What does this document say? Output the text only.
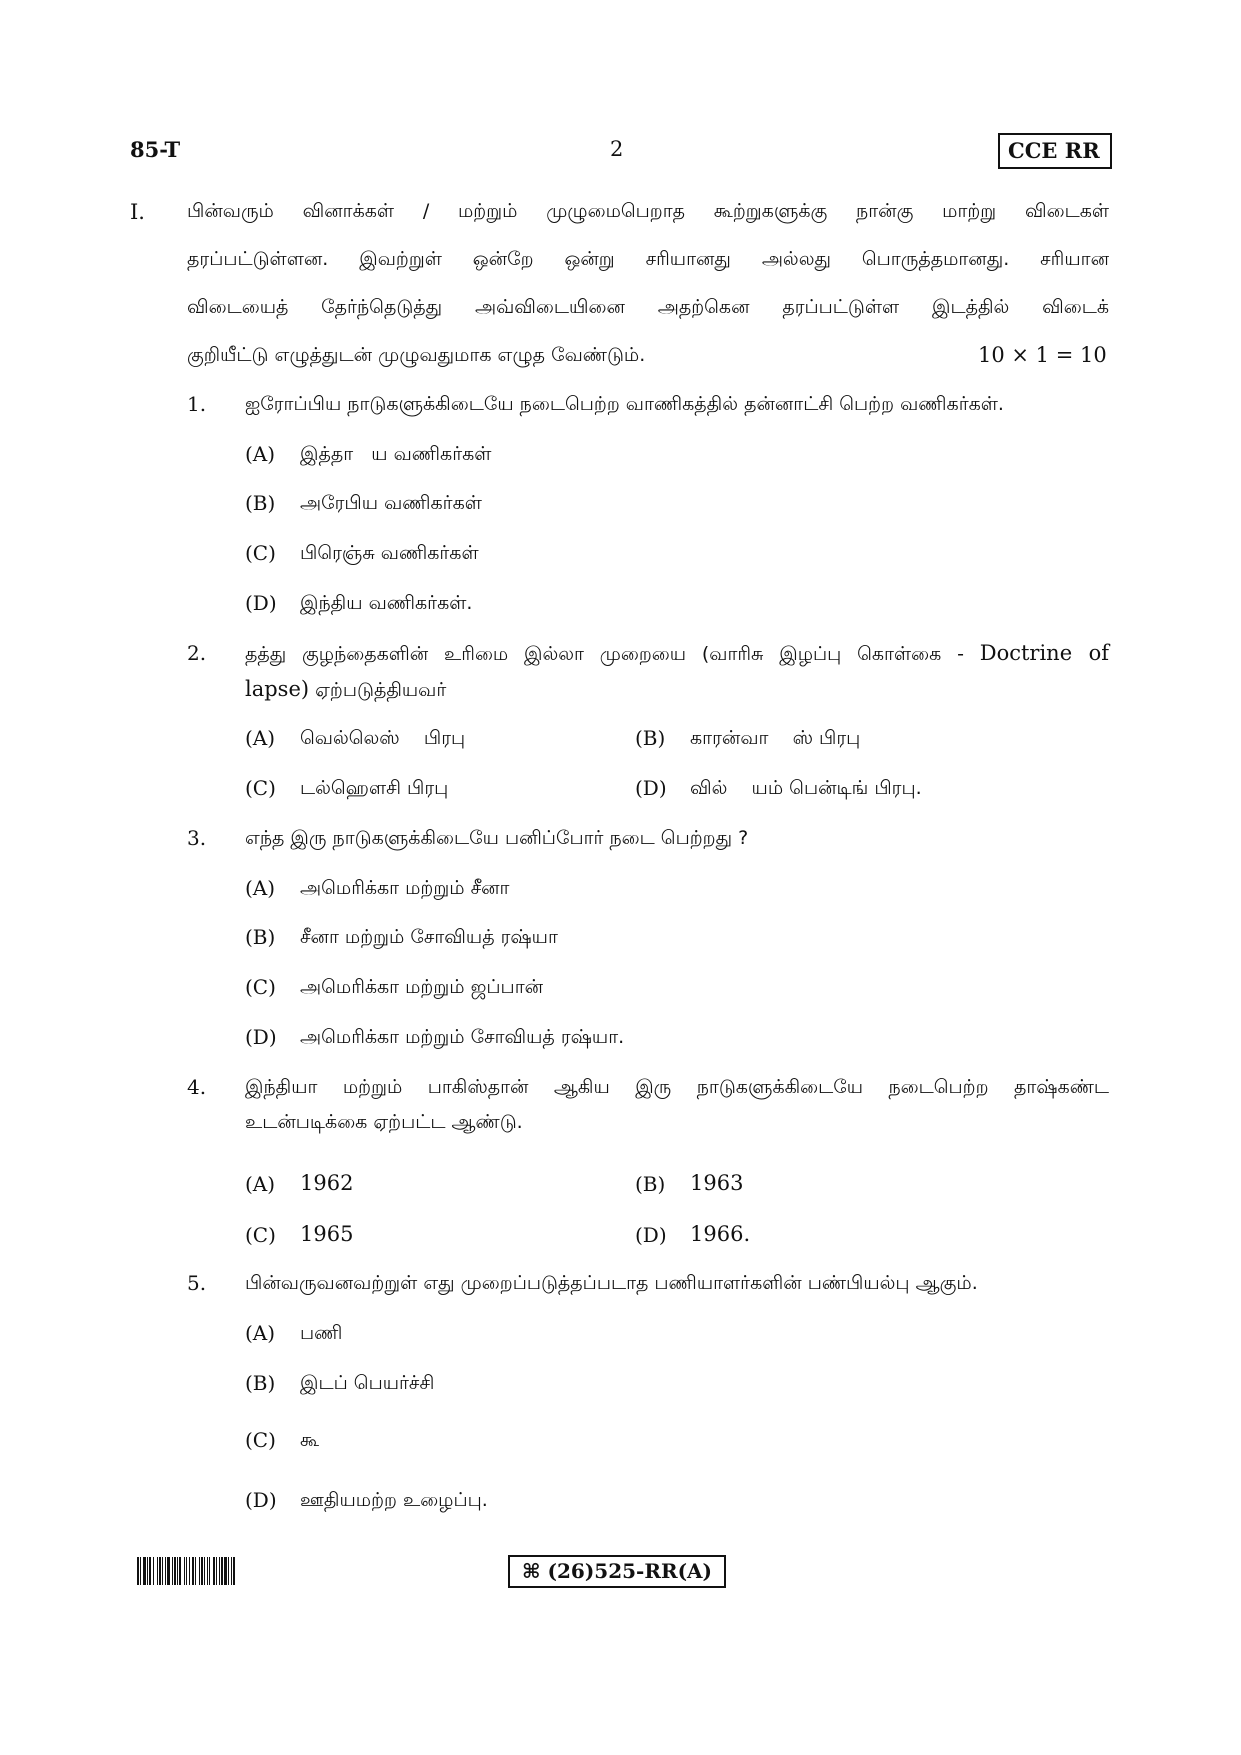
85-T	2	CCE RR
I. பின்வரும் வினாக்கள் / மற்றும் முழுமைபெறாத கூற்றுகளுக்கு நான்கு மாற்று விடைகள்
தரப்பட்டுள்ளன. இவற்றுள் ஒன்றே ஒன்று சரியானது அல்லது பொருத்தமானது. சரியான
விடையைத் தேர்ந்தெடுத்து அவ்விடையினை அதற்கென தரப்பட்டுள்ள இடத்தில் விடைக்
குறியீட்டு எழுத்துடன் முழுவதுமாக எழுத வேண்டும்.	10 × 1 = 10
1. ஐரோப்பிய நாடுகளுக்கிடையே நடைபெற்ற வாணிகத்தில் தன்னாட்சி பெற்ற வணிகர்கள்.
(A) இத்தா   ய வணிகர்கள்
(B) அரேபிய வணிகர்கள்
(C) பிரெஞ்சு வணிகர்கள்
(D) இந்திய வணிகர்கள்.
2. தத்து குழந்தைகளின் உரிமை இல்லா முறையை (வாரிசு இழப்பு கொள்கை - Doctrine of
lapse) ஏற்படுத்தியவர்
(A) வெல்லெஸ்    பிரபு	(B) காரன்வா    ஸ் பிரபு
(C) டல்ஹௌசி பிரபு	(D) வில்    யம் பென்டிங் பிரபு.
3. எந்த இரு நாடுகளுக்கிடையே பனிப்போர் நடை பெற்றது ?
(A) அமெரிக்கா மற்றும் சீனா
(B) சீனா மற்றும் சோவியத் ரஷ்யா
(C) அமெரிக்கா மற்றும் ஜப்பான்
(D) அமெரிக்கா மற்றும் சோவியத் ரஷ்யா.
4. இந்தியா மற்றும் பாகிஸ்தான் ஆகிய இரு நாடுகளுக்கிடையே நடைபெற்ற தாஷ்கண்ட
உடன்படிக்கை ஏற்பட்ட ஆண்டு.
(A) 1962	(B) 1963
(C) 1965	(D) 1966.
5. பின்வருவனவற்றுள் எது முறைப்படுத்தப்படாத பணியாளர்களின் பண்பியல்பு ஆகும்.
(A) பணி
(B) இடப் பெயர்ச்சி
(C) கூ
(D) ஊதியமற்ற உழைப்பு.
⌘ (26)525-RR(A)
